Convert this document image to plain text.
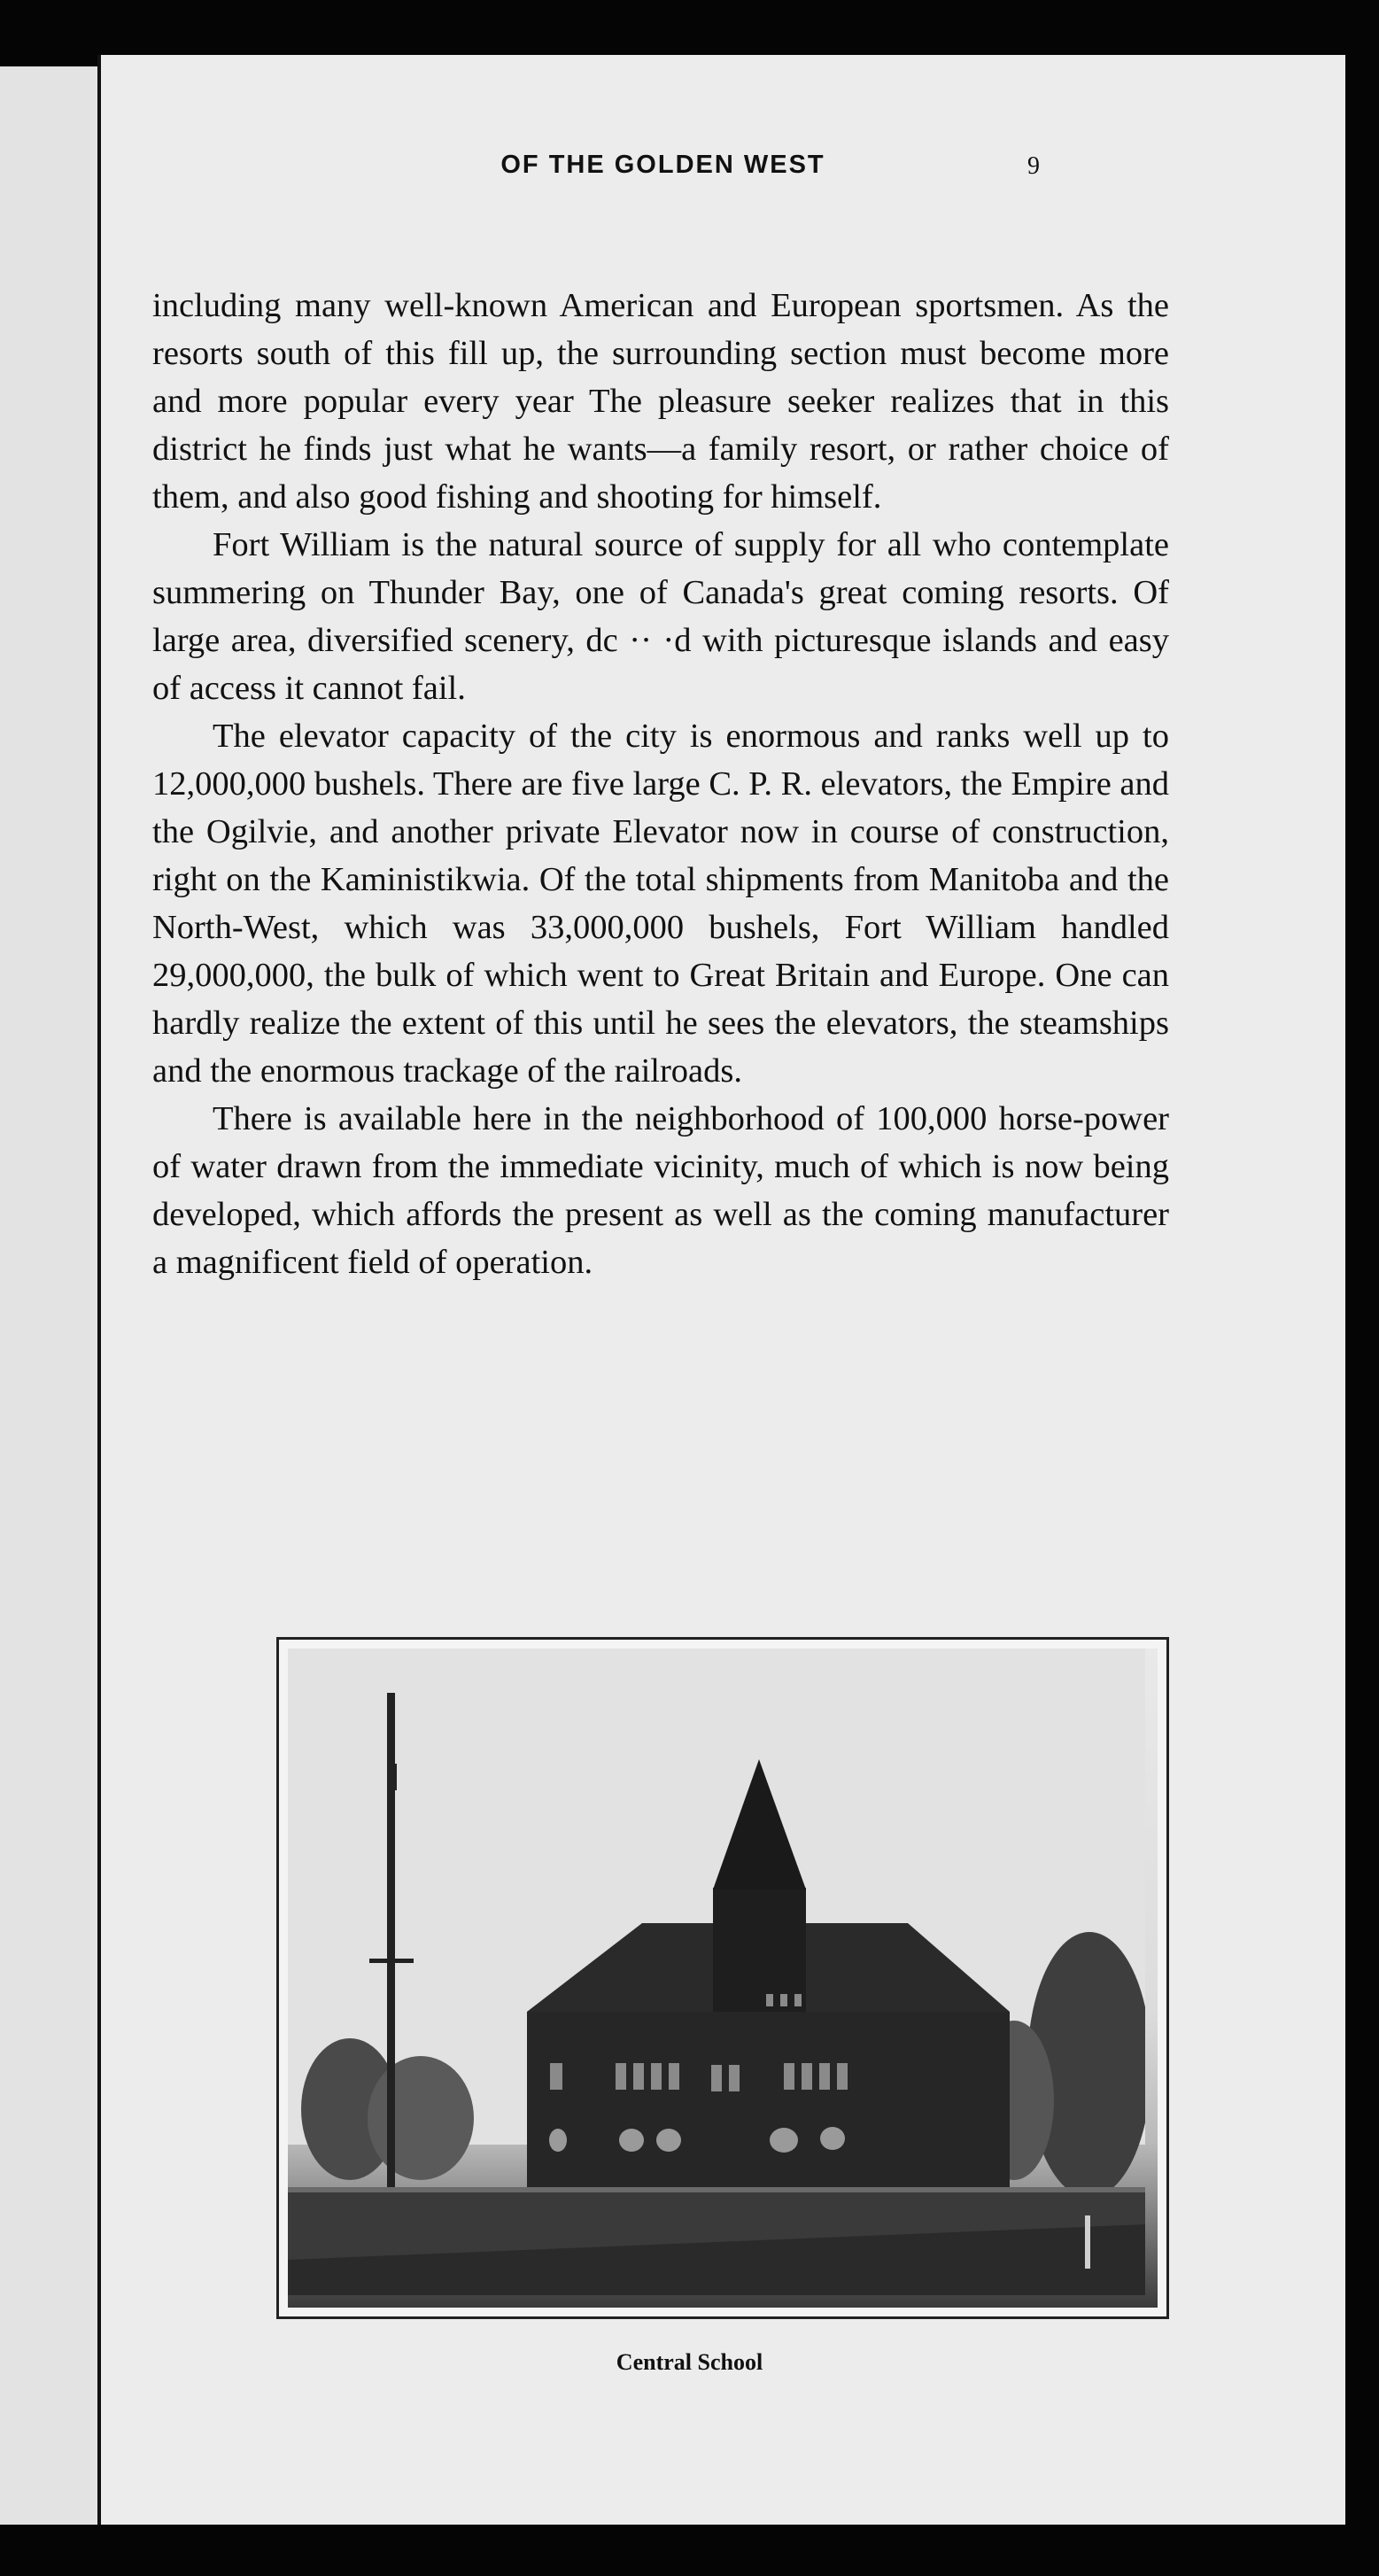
OF THE GOLDEN WEST	9

including many well-known American and European sportsmen. As the resorts south of this fill up, the surrounding section must become more and more popular every year The pleasure seeker realizes that in this district he finds just what he wants—a family resort, or rather choice of them, and also good fishing and shooting for himself.

Fort William is the natural source of supply for all who contemplate summering on Thunder Bay, one of Canada's great coming resorts. Of large area, diversified scenery, dc ·· ·d with picturesque islands and easy of access it cannot fail.

The elevator capacity of the city is enormous and ranks well up to 12,000,000 bushels. There are five large C. P. R. elevators, the Empire and the Ogilvie, and another private Elevator now in course of construction, right on the Kaministikwia. Of the total shipments from Manitoba and the North-West, which was 33,000,000 bushels, Fort William handled 29,000,000, the bulk of which went to Great Britain and Europe. One can hardly realize the extent of this until he sees the elevators, the steamships and the enormous trackage of the railroads.

There is available here in the neighborhood of 100,000 horse-power of water drawn from the immediate vicinity, much of which is now being developed, which affords the present as well as the coming manufacturer a magnificent field of operation.

Central School
